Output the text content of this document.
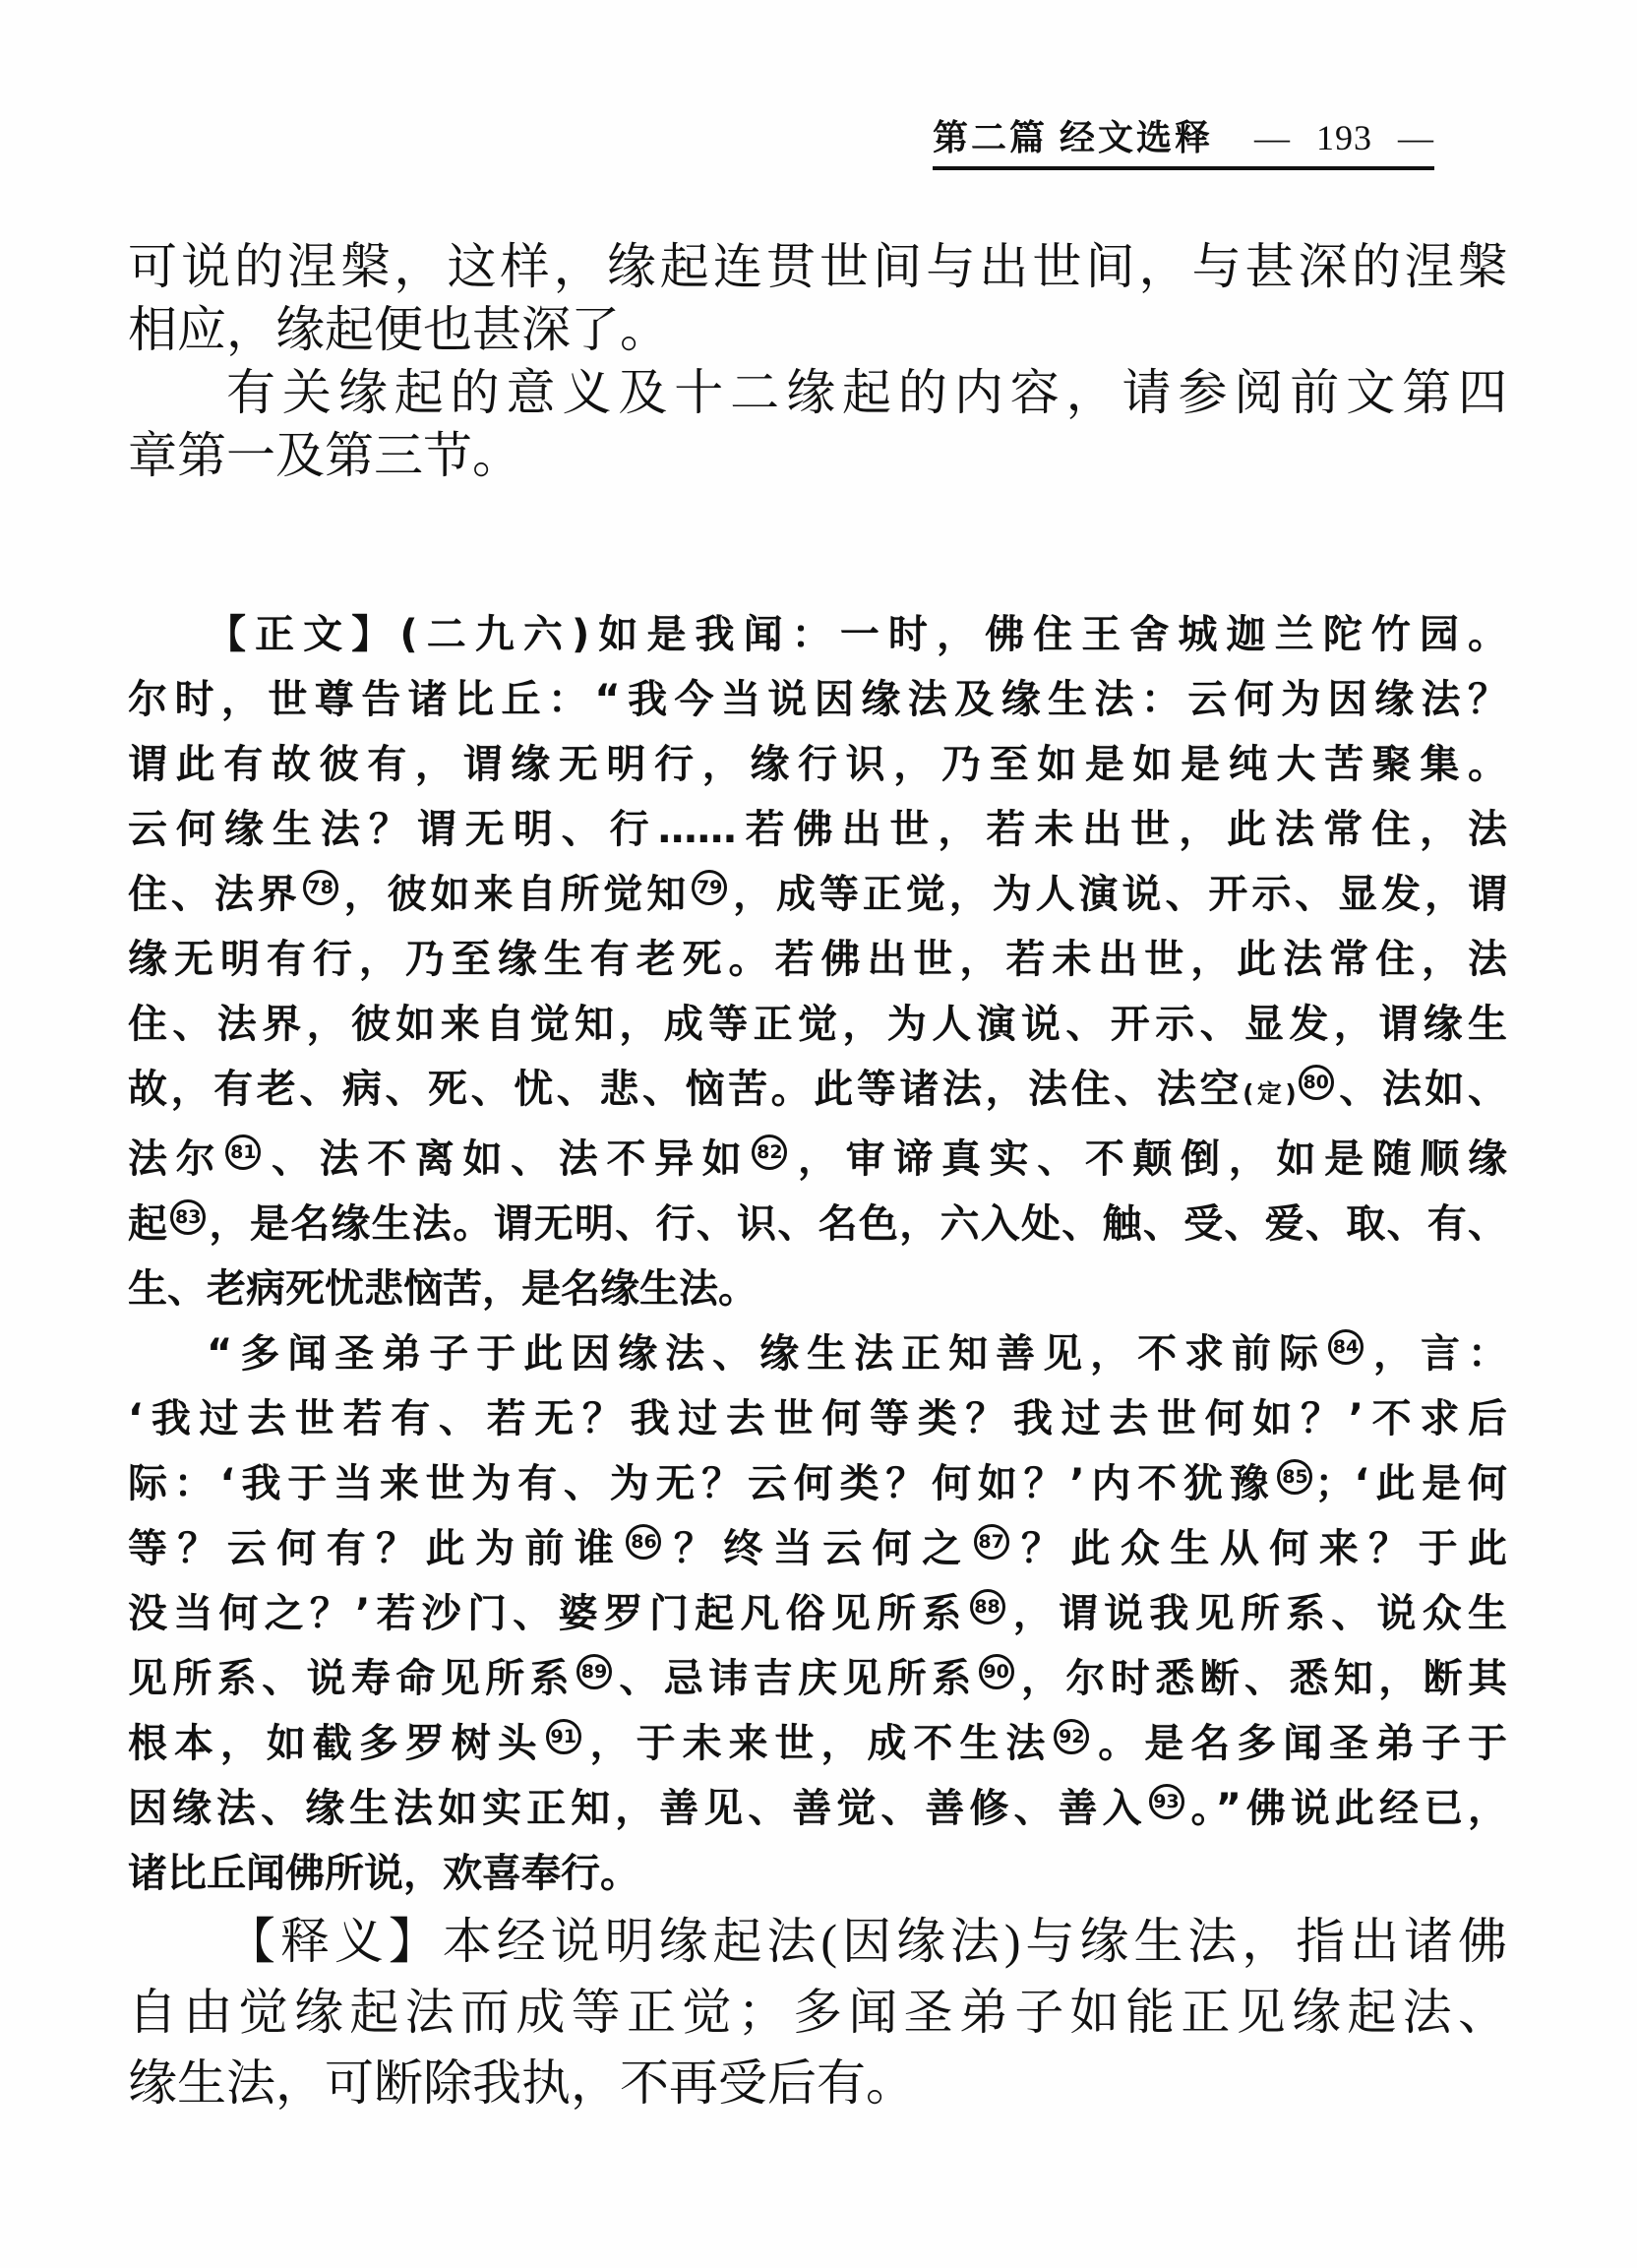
第二篇 经文选释 — 193 —
可说的涅槃，这样，缘起连贯世间与出世间，与甚深的涅槃
相应，缘起便也甚深了。
有关缘起的意义及十二缘起的内容，请参阅前文第四
章第一及第三节。
【正文】(二九六)如是我闻：一时，佛住王舍城迦兰陀竹园。
尔时，世尊告诸比丘：“我今当说因缘法及缘生法：云何为因缘法？
谓此有故彼有，谓缘无明行，缘行识，乃至如是如是纯大苦聚集。
云何缘生法？谓无明、行……若佛出世，若未出世，此法常住，法
住、法界 78 ，彼如来自所觉知 79 ，成等正觉，为人演说、开示、显发，谓
缘无明有行，乃至缘生有老死。若佛出世，若未出世，此法常住，法
住、法界，彼如来自觉知，成等正觉，为人演说、开示、显发，谓缘生
故，有老、病、死、忧、悲、恼苦。此等诸法，法住、法空(定) 80 、法如、
法尔 81 、法不离如、法不异如 82 ，审谛真实、不颠倒，如是随顺缘
起 83 ，是名缘生法。谓无明、行、识、名色，六入处、触、受、爱、取、有、
生、老病死忧悲恼苦，是名缘生法。
“多闻圣弟子于此因缘法、缘生法正知善见，不求前际 84 ，言：
‘我过去世若有、若无？我过去世何等类？我过去世何如？’不求后
际：‘我于当来世为有、为无？云何类？何如？’内不犹豫 85 ；‘此是何
等？云何有？此为前谁 86 ？终当云何之 87 ？此众生从何来？于此
没当何之？’若沙门、婆罗门起凡俗见所系 88 ，谓说我见所系、说众生
见所系、说寿命见所系 89 、忌讳吉庆见所系 90 ，尔时悉断、悉知，断其
根本，如截多罗树头 91 ，于未来世，成不生法 92 。是名多闻圣弟子于
因缘法、缘生法如实正知，善见、善觉、善修、善入 93 。”佛说此经已，
诸比丘闻佛所说，欢喜奉行。
【释义】本经说明缘起法(因缘法)与缘生法，指出诸佛
自由觉缘起法而成等正觉；多闻圣弟子如能正见缘起法、
缘生法，可断除我执，不再受后有。
